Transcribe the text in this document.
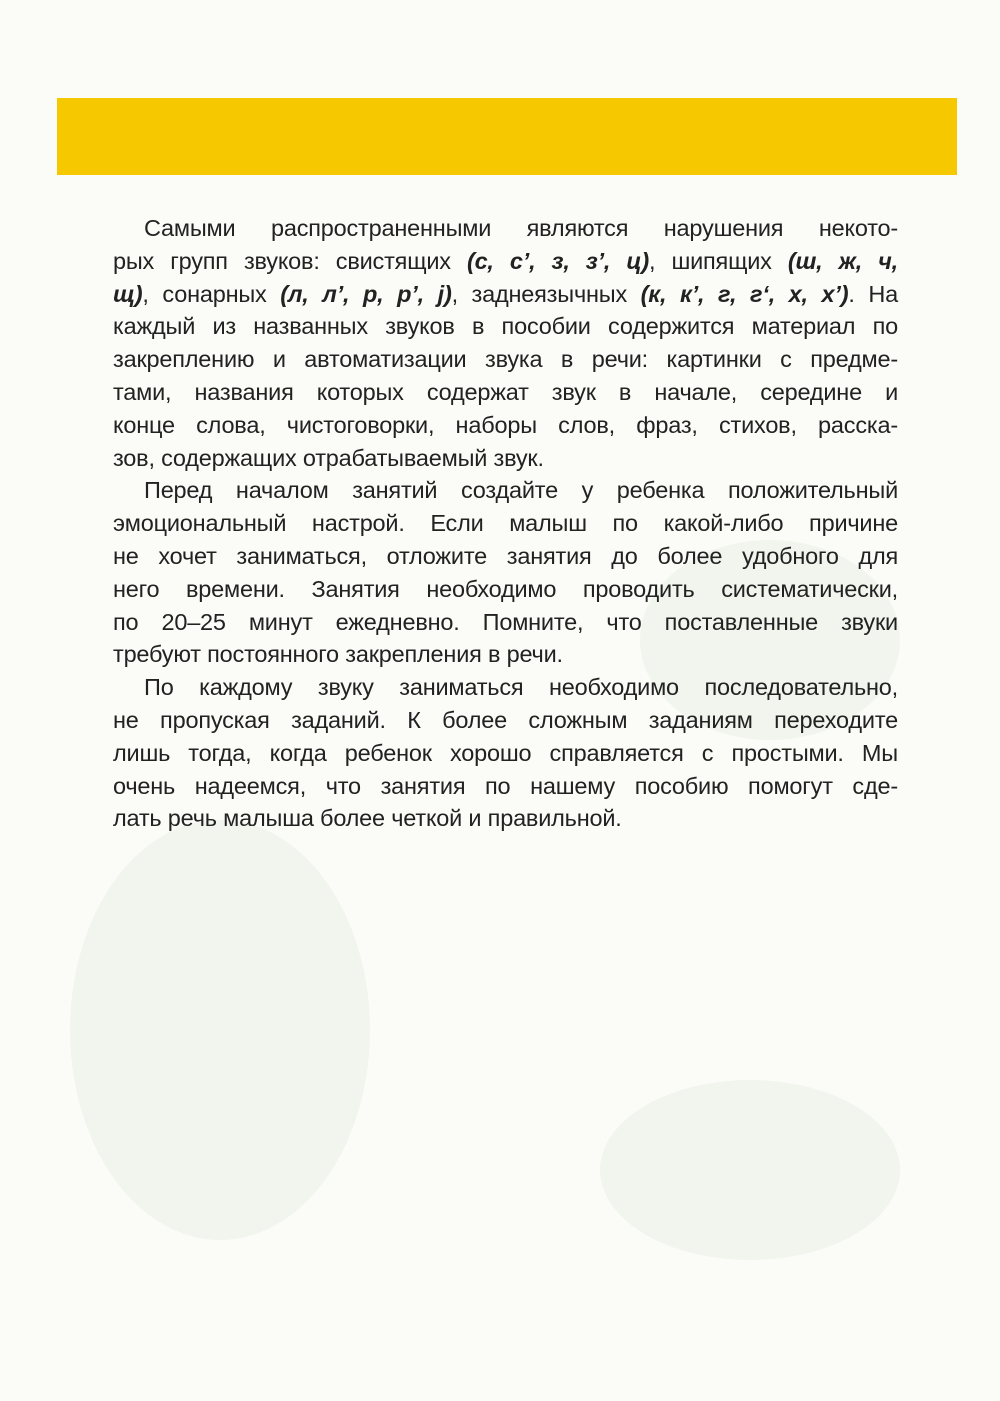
Самыми распространенными являются нарушения некото-
рых групп звуков: свистящих (с, с’, з, з’, ц), шипящих (ш, ж, ч,
щ), сонарных (л, л’, р, р’, j), заднеязычных (к, к’, г, г‘, х, х’). На
каждый из названных звуков в пособии содержится материал по
закреплению и автоматизации звука в речи: картинки с предме-
тами, названия которых содержат звук в начале, середине и
конце слова, чистоговорки, наборы слов, фраз, стихов, расска-
зов, содержащих отрабатываемый звук.
Перед началом занятий создайте у ребенка положительный
эмоциональный настрой. Если малыш по какой-либо причине
не хочет заниматься, отложите занятия до более удобного для
него времени. Занятия необходимо проводить систематически,
по 20–25 минут ежедневно. Помните, что поставленные звуки
требуют постоянного закрепления в речи.
По каждому звуку заниматься необходимо последовательно,
не пропуская заданий. К более сложным заданиям переходите
лишь тогда, когда ребенок хорошо справляется с простыми. Мы
очень надеемся, что занятия по нашему пособию помогут сде-
лать речь малыша более четкой и правильной.
